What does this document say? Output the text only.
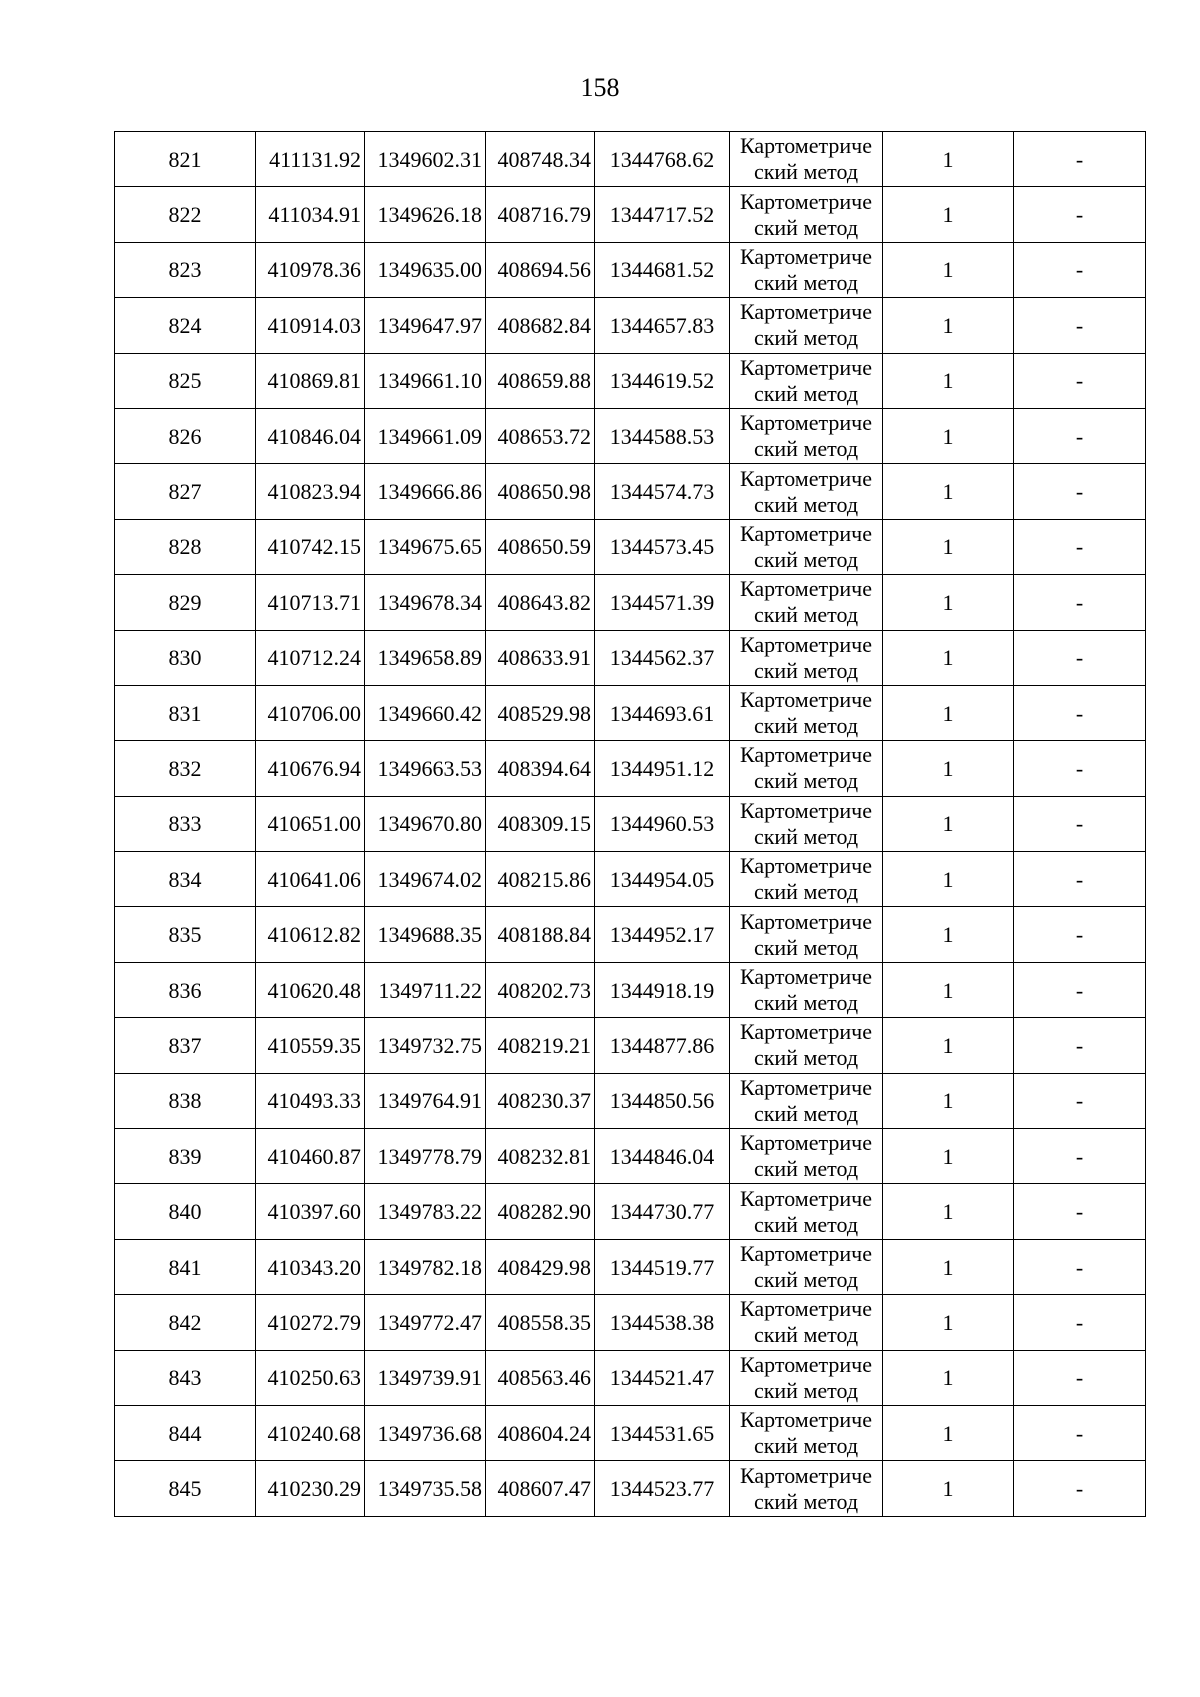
158
821	411131.92	1349602.31	408748.34	1344768.62	Картометриче
ский метод	1	-
822	411034.91	1349626.18	408716.79	1344717.52	Картометриче
ский метод	1	-
823	410978.36	1349635.00	408694.56	1344681.52	Картометриче
ский метод	1	-
824	410914.03	1349647.97	408682.84	1344657.83	Картометриче
ский метод	1	-
825	410869.81	1349661.10	408659.88	1344619.52	Картометриче
ский метод	1	-
826	410846.04	1349661.09	408653.72	1344588.53	Картометриче
ский метод	1	-
827	410823.94	1349666.86	408650.98	1344574.73	Картометриче
ский метод	1	-
828	410742.15	1349675.65	408650.59	1344573.45	Картометриче
ский метод	1	-
829	410713.71	1349678.34	408643.82	1344571.39	Картометриче
ский метод	1	-
830	410712.24	1349658.89	408633.91	1344562.37	Картометриче
ский метод	1	-
831	410706.00	1349660.42	408529.98	1344693.61	Картометриче
ский метод	1	-
832	410676.94	1349663.53	408394.64	1344951.12	Картометриче
ский метод	1	-
833	410651.00	1349670.80	408309.15	1344960.53	Картометриче
ский метод	1	-
834	410641.06	1349674.02	408215.86	1344954.05	Картометриче
ский метод	1	-
835	410612.82	1349688.35	408188.84	1344952.17	Картометриче
ский метод	1	-
836	410620.48	1349711.22	408202.73	1344918.19	Картометриче
ский метод	1	-
837	410559.35	1349732.75	408219.21	1344877.86	Картометриче
ский метод	1	-
838	410493.33	1349764.91	408230.37	1344850.56	Картометриче
ский метод	1	-
839	410460.87	1349778.79	408232.81	1344846.04	Картометриче
ский метод	1	-
840	410397.60	1349783.22	408282.90	1344730.77	Картометриче
ский метод	1	-
841	410343.20	1349782.18	408429.98	1344519.77	Картометриче
ский метод	1	-
842	410272.79	1349772.47	408558.35	1344538.38	Картометриче
ский метод	1	-
843	410250.63	1349739.91	408563.46	1344521.47	Картометриче
ский метод	1	-
844	410240.68	1349736.68	408604.24	1344531.65	Картометриче
ский метод	1	-
845	410230.29	1349735.58	408607.47	1344523.77	Картометриче
ский метод	1	-
